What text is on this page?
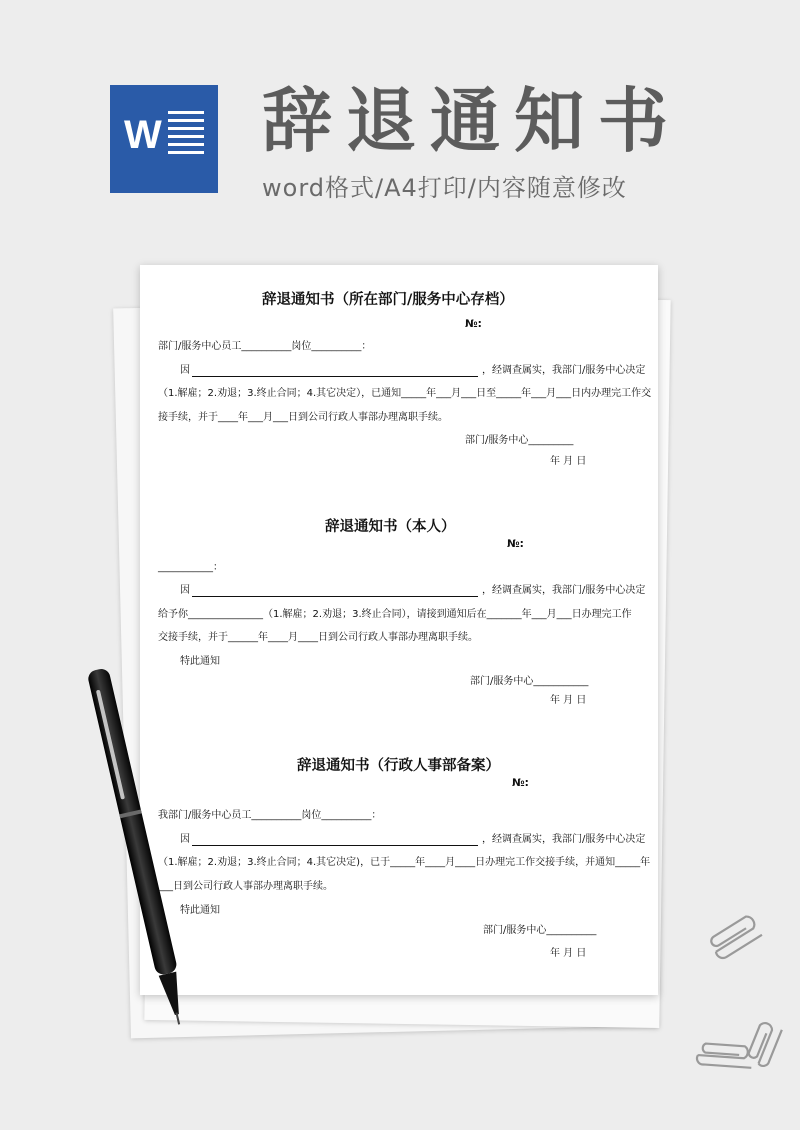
W 辞退通知书
word格式/A4打印/内容随意修改
辞退通知书（所在部门/服务中心存档）
№:
部门/服务中心员工__________岗位__________：
因	，经调查属实，我部门/服务中心决定
（1.解雇；2.劝退；3.终止合同；4.其它决定），已通知_____年___月___日至_____年___月___日内办理完工作交
接手续，并于____年___月___日到公司行政人事部办理离职手续。
部门/服务中心_________
年 月 日
辞退通知书（本人）
№:
___________：
因	，经调查属实，我部门/服务中心决定
给予你_______________（1.解雇；2.劝退；3.终止合同），请接到通知后在_______年___月___日办理完工作
交接手续，并于______年____月____日到公司行政人事部办理离职手续。
特此通知
部门/服务中心___________
年 月 日
辞退通知书（行政人事部备案）
№:
我部门/服务中心员工__________岗位__________：
因	，经调查属实，我部门/服务中心决定
（1.解雇；2.劝退；3.终止合同；4.其它决定)，已于_____年____月____日办理完工作交接手续，并通知_____年
___日到公司行政人事部办理离职手续。
特此通知
部门/服务中心__________
年 月 日
